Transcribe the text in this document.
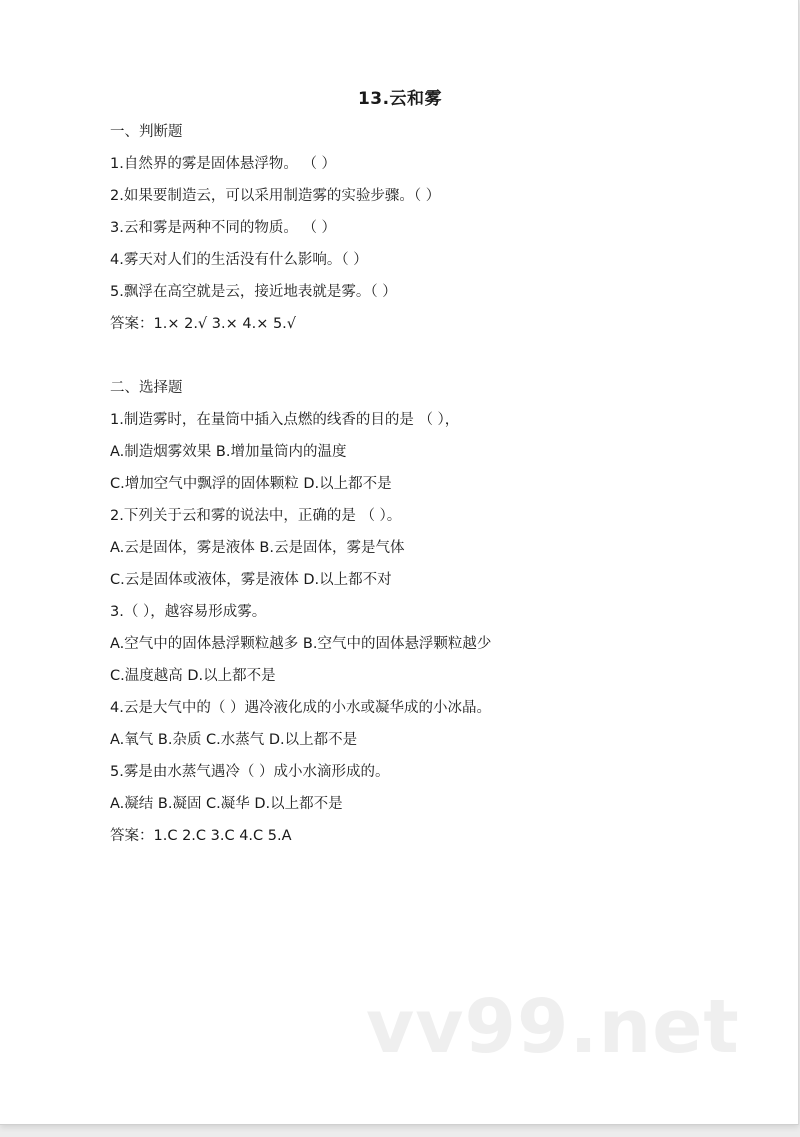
13.云和雾
一、判断题
1.自然界的雾是固体悬浮物。 （ ）
2.如果要制造云，可以采用制造雾的实验步骤。（ ）
3.云和雾是两种不同的物质。 （ ）
4.雾天对人们的生活没有什么影响。（ ）
5.飘浮在高空就是云，接近地表就是雾。（ ）
答案：1.× 2.√ 3.× 4.× 5.√
二、选择题
1.制造雾时，在量筒中插入点燃的线香的目的是 （ ），
A.制造烟雾效果 B.增加量筒内的温度
C.增加空气中飘浮的固体颗粒 D.以上都不是
2.下列关于云和雾的说法中，正确的是 （ ）。
A.云是固体，雾是液体 B.云是固体，雾是气体
C.云是固体或液体，雾是液体 D.以上都不对
3.（ ），越容易形成雾。
A.空气中的固体悬浮颗粒越多 B.空气中的固体悬浮颗粒越少
C.温度越高 D.以上都不是
4.云是大气中的（ ）遇冷液化成的小水或凝华成的小冰晶。
A.氧气 B.杂质 C.水蒸气 D.以上都不是
5.雾是由水蒸气遇冷（ ）成小水滴形成的。
A.凝结 B.凝固 C.凝华 D.以上都不是
答案：1.C 2.C 3.C 4.C 5.A
vv99.net
